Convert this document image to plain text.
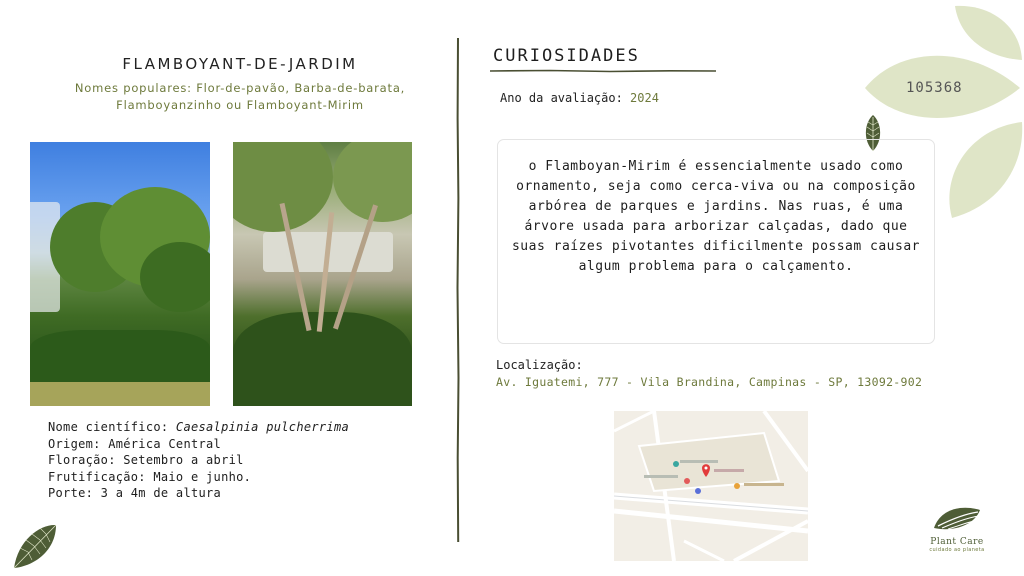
FLAMBOYANT-DE-JARDIM
Nomes populares: Flor-de-pavão, Barba-de-barata,
Flamboyanzinho ou Flamboyant-Mirim
Nome científico: Caesalpinia pulcherrima
Origem: América Central
Floração: Setembro a abril
Frutificação: Maio e junho.
Porte: 3 a 4m de altura
CURIOSIDADES
Ano da avaliação: 2024
105368
o Flamboyan-Mirim é essencialmente usado como ornamento, seja como cerca-viva ou na composição arbórea de parques e jardins. Nas ruas, é uma árvore usada para arborizar calçadas, dado que suas raízes pivotantes dificilmente possam causar algum problema para o calçamento.
Localização:
Av. Iguatemi, 777 - Vila Brandina, Campinas - SP, 13092-902
Plant Care
cuidado ao planeta
